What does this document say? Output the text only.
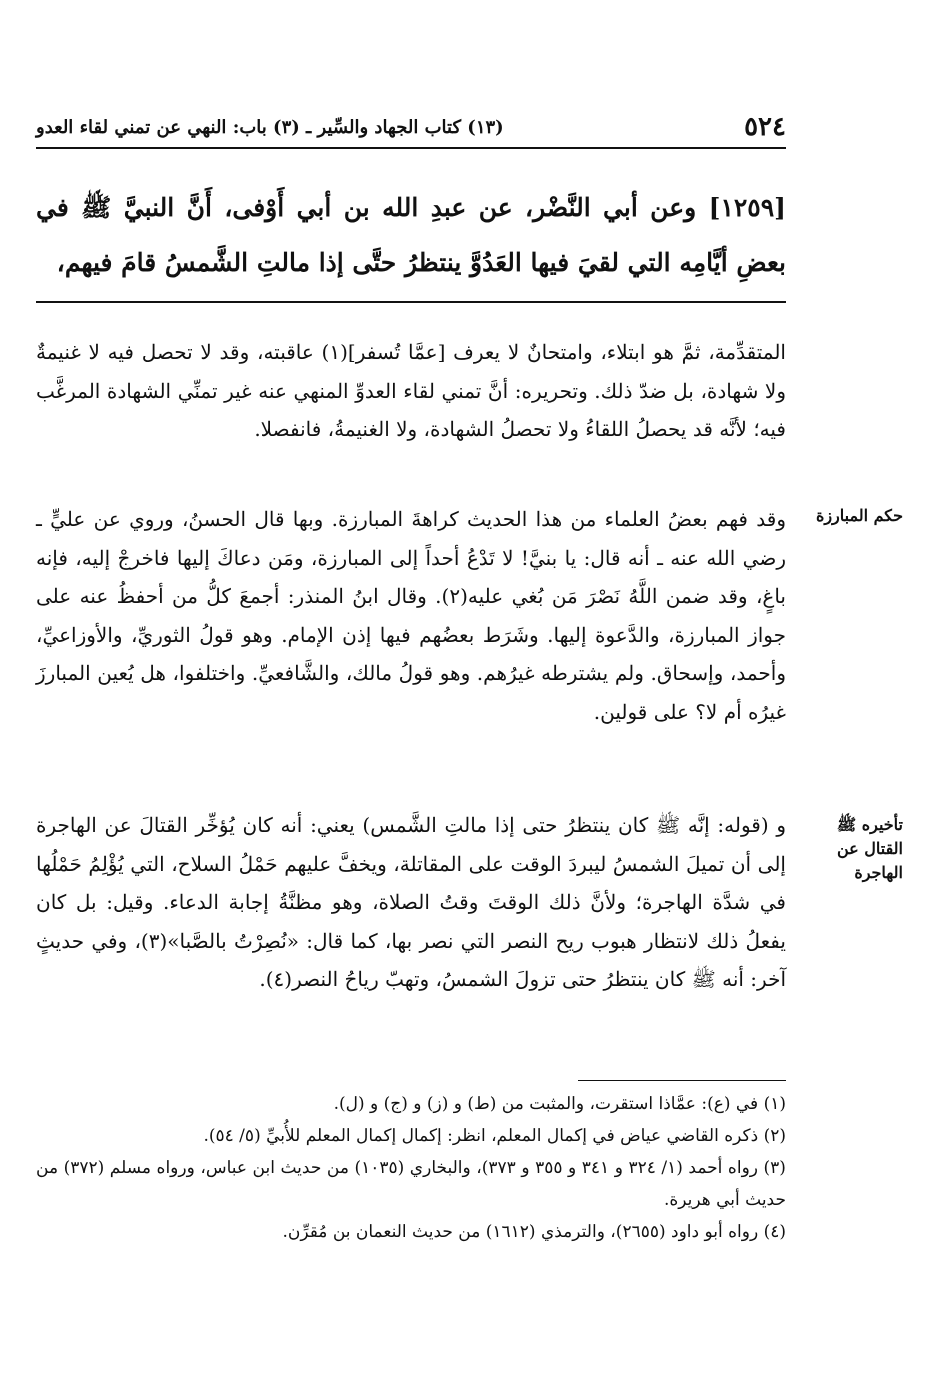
٥٢٤
(١٣) كتاب الجهاد والسِّير ـ (٣) باب: النهي عن تمني لقاء العدو
[١٢٥٩] وعن أبي النَّضْر، عن عبدِ الله بن أبي أَوْفى، أَنَّ النبيَّ ﷺ في بعضِ أيَّامِه التي لقيَ فيها العَدُوَّ ينتظرُ حتَّى إذا مالتِ الشَّمسُ قامَ فيهم،
المتقدِّمة، ثمَّ هو ابتلاء، وامتحانٌ لا يعرف [عمَّا تُسفر](١) عاقبته، وقد لا تحصل فيه لا غنيمةٌ ولا شهادة، بل ضدّ ذلك. وتحريره: أنَّ تمني لقاء العدوِّ المنهي عنه غير تمنِّي الشهادة المرغَّب فيه؛ لأنَّه قد يحصلُ اللقاءُ ولا تحصلُ الشهادة، ولا الغنيمةُ، فانفصلا.
وقد فهم بعضُ العلماء من هذا الحديث كراهةَ المبارزة. وبها قال الحسنُ، وروي عن عليٍّ ـ رضي الله عنه ـ أنه قال: يا بنيَّ! لا تَدْعُ أحداً إلى المبارزة، ومَن دعاكَ إليها فاخرجْ إليه، فإنه باغٍ، وقد ضمن اللَّهُ نَصْرَ مَن بُغي عليه(٢). وقال ابنُ المنذر: أجمعَ كلُّ من أحفظُ عنه على جواز المبارزة، والدَّعوة إليها. وشَرَط بعضُهم فيها إذن الإمام. وهو قولُ الثوريِّ، والأوزاعيِّ، وأحمد، وإسحاق. ولم يشترطه غيرُهم. وهو قولُ مالك، والشَّافعيِّ. واختلفوا، هل يُعين المبارزَ غيرُه أم لا؟ على قولين.
و (قوله: إنَّه ﷺ كان ينتظرُ حتى إذا مالتِ الشَّمس) يعني: أنه كان يُؤخِّر القتالَ عن الهاجرة إلى أن تميلَ الشمسُ ليبردَ الوقت على المقاتلة، ويخفَّ عليهم حَمْلُ السلاح، التي يُؤْلِمُ حَمْلُها في شدَّة الهاجرة؛ ولأنَّ ذلك الوقتَ وقتُ الصلاة، وهو مظنَّةُ إجابة الدعاء. وقيل: بل كان يفعلُ ذلك لانتظار هبوب ريح النصر التي نصر بها، كما قال: «نُصِرْتُ بالصَّبا»(٣)، وفي حديثٍ آخر: أنه ﷺ كان ينتظرُ حتى تزولَ الشمسُ، وتهبّ رياحُ النصر(٤).
حكم المبارزة
تأخيره ﷺ القتال عن الهاجرة

(١) في (ع): عمَّاذا استقرت، والمثبت من (ط) و (ز) و (ج) و (ل).

(٢) ذكره القاضي عياض في إكمال المعلم، انظر: إكمال إكمال المعلم للأُبيِّ (٥/ ٥٤).

(٣) رواه أحمد (١/ ٣٢٤ و ٣٤١ و ٣٥٥ و ٣٧٣)، والبخاري (١٠٣٥) من حديث ابن عباس، ورواه مسلم (٣٧٢) من حديث أبي هريرة.

(٤) رواه أبو داود (٢٦٥٥)، والترمذي (١٦١٢) من حديث النعمان بن مُقرِّن.
